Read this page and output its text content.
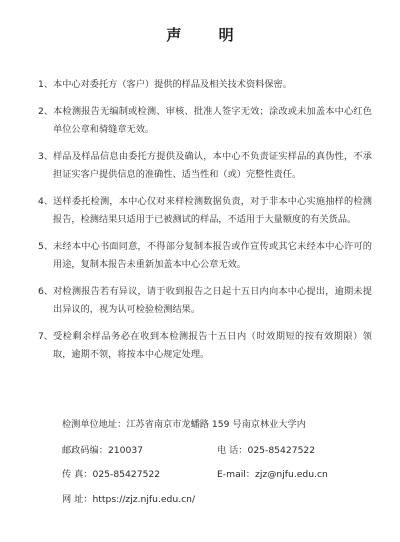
声 明
1、 本中心对委托方（客户）提供的样品及相关技术资料保密。
2、 本检测报告无编制或检测、审核、批准人签字无效；涂改或未加盖本中心红色单位公章和骑缝章无效。
3、 样品及样品信息由委托方提供及确认，本中心不负责证实样品的真伪性，不承担证实客户提供信息的准确性、适当性和（或）完整性责任。
4、 送样委托检测，本中心仅对来样检测数据负责，对于非本中心实施抽样的检测报告，检测结果只适用于已被测试的样品，不适用于大量额度的有关货品。
5、 未经本中心书面同意，不得部分复制本报告或作宣传或其它未经本中心许可的用途，复制本报告未重新加盖本中心公章无效。
6、 对检测报告若有异议，请于收到报告之日起十五日内向本中心提出，逾期未提出异议的，视为认可检验检测结果。
7、 受检剩余样品务必在收到本检测报告十五日内（时效期短的按有效期限）领取，逾期不领，将按本中心规定处理。
检测单位地址：江苏省南京市龙蟠路 159 号南京林业大学内
邮政码编：210037	电 话：025-85427522
传 真：025-85427522	E-mail：zjz@njfu.edu.cn
网 址：https://zjz.njfu.edu.cn/
